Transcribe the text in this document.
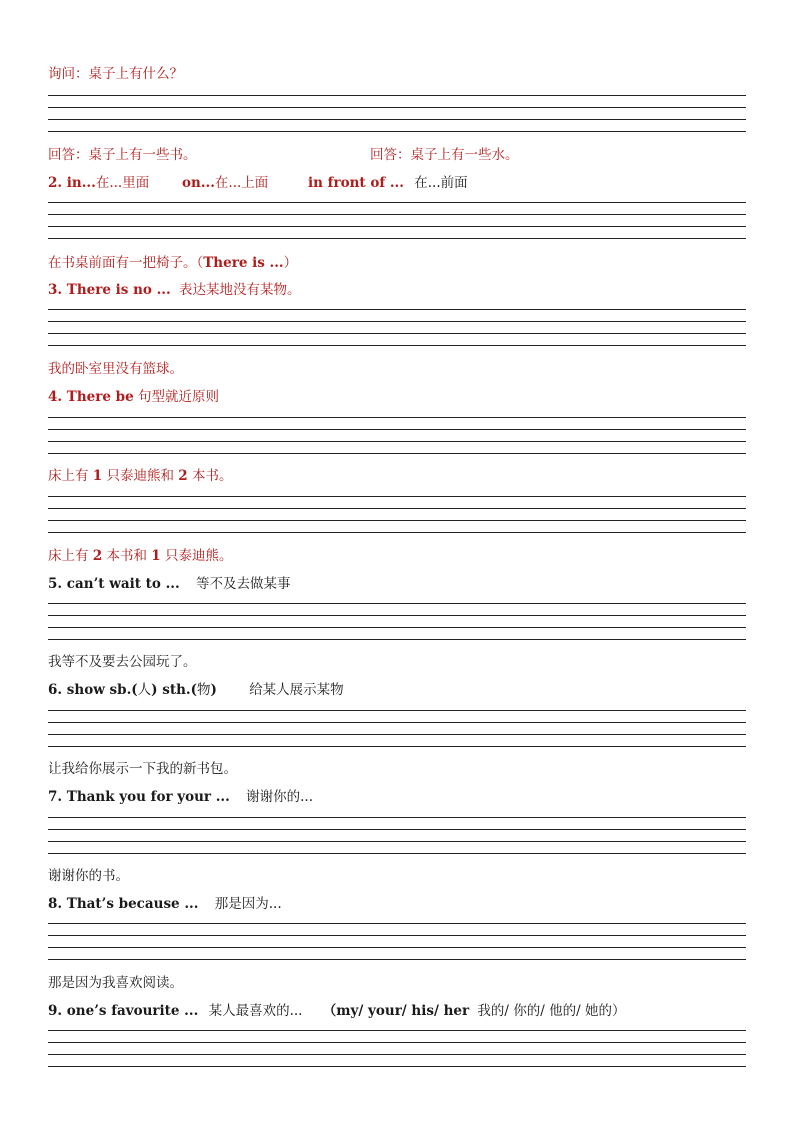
询问：桌子上有什么？
回答：桌子上有一些书。	回答：桌子上有一些水。
2. in...在...里面 on...在...上面	in front of ... 在...前面
在书桌前面有一把椅子。（There is ...）
3. There is no ... 表达某地没有某物。
我的卧室里没有篮球。
4. There be 句型就近原则
床上有 1 只泰迪熊和 2 本书。
床上有 2 本书和 1 只泰迪熊。
5. can’t wait to ... 等不及去做某事
我等不及要去公园玩了。
6. show sb.(人) sth.(物) 给某人展示某物
让我给你展示一下我的新书包。
7. Thank you for your ... 谢谢你的...
谢谢你的书。
8. That’s because ... 那是因为...
那是因为我喜欢阅读。
9. one’s favourite ... 某人最喜欢的... （my/ your/ his/ her 我的/ 你的/ 他的/ 她的）
